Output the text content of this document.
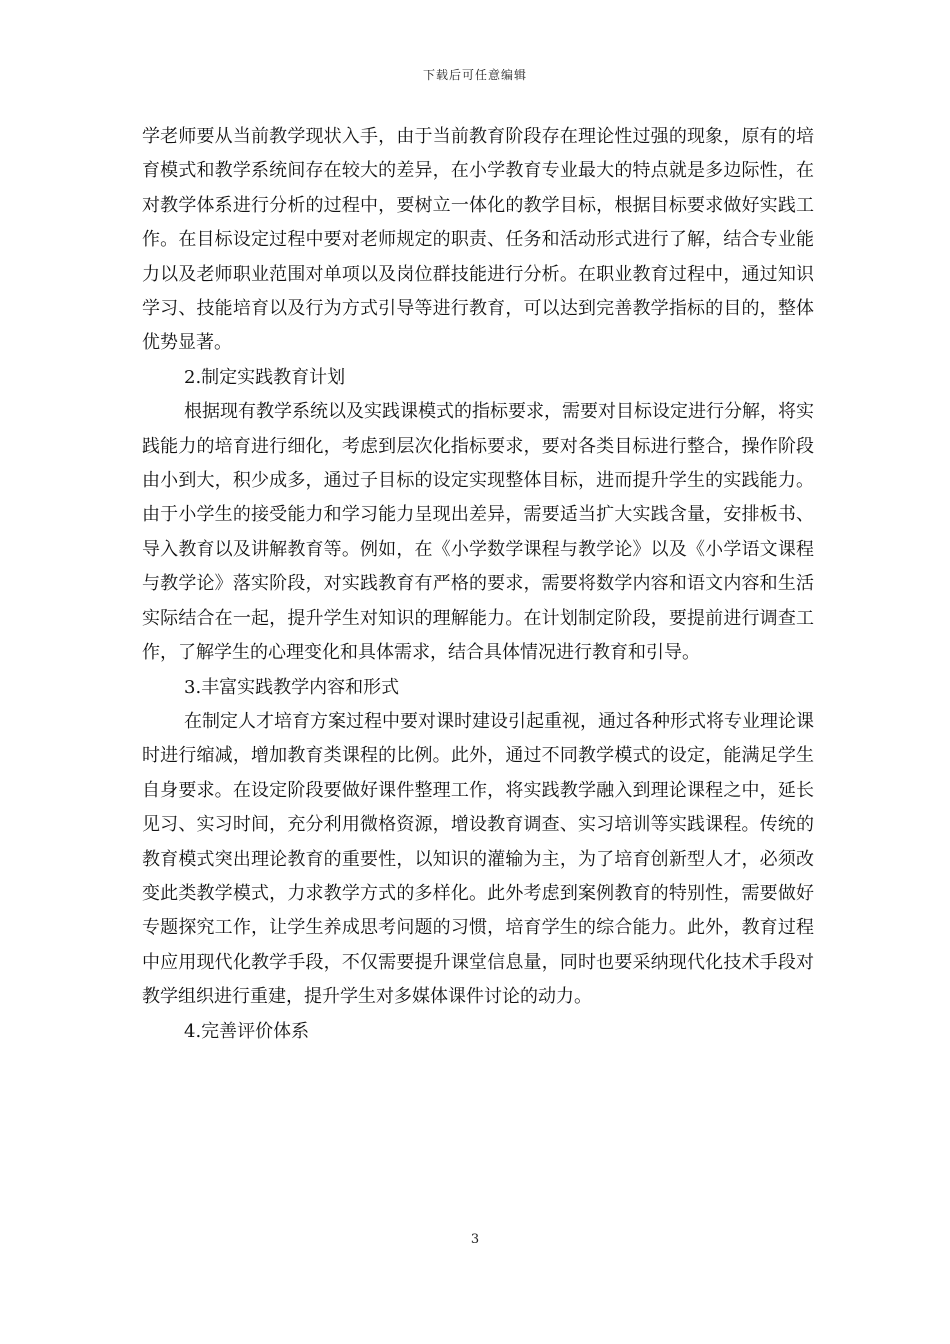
下载后可任意编辑

学老师要从当前教学现状入手，由于当前教育阶段存在理论性过强的现象，原有的培育模式和教学系统间存在较大的差异，在小学教育专业最大的特点就是多边际性，在对教学体系进行分析的过程中，要树立一体化的教学目标，根据目标要求做好实践工作。在目标设定过程中要对老师规定的职责、任务和活动形式进行了解，结合专业能力以及老师职业范围对单项以及岗位群技能进行分析。在职业教育过程中，通过知识学习、技能培育以及行为方式引导等进行教育，可以达到完善教学指标的目的，整体优势显著。

2.制定实践教育计划

根据现有教学系统以及实践课模式的指标要求，需要对目标设定进行分解，将实践能力的培育进行细化，考虑到层次化指标要求，要对各类目标进行整合，操作阶段由小到大，积少成多，通过子目标的设定实现整体目标，进而提升学生的实践能力。由于小学生的接受能力和学习能力呈现出差异，需要适当扩大实践含量，安排板书、导入教育以及讲解教育等。例如，在《小学数学课程与教学论》以及《小学语文课程与教学论》落实阶段，对实践教育有严格的要求，需要将数学内容和语文内容和生活实际结合在一起，提升学生对知识的理解能力。在计划制定阶段，要提前进行调查工作，了解学生的心理变化和具体需求，结合具体情况进行教育和引导。

3.丰富实践教学内容和形式

在制定人才培育方案过程中要对课时建设引起重视，通过各种形式将专业理论课时进行缩减，增加教育类课程的比例。此外，通过不同教学模式的设定，能满足学生自身要求。在设定阶段要做好课件整理工作，将实践教学融入到理论课程之中，延长见习、实习时间，充分利用微格资源，增设教育调查、实习培训等实践课程。传统的教育模式突出理论教育的重要性，以知识的灌输为主，为了培育创新型人才，必须改变此类教学模式，力求教学方式的多样化。此外考虑到案例教育的特别性，需要做好专题探究工作，让学生养成思考问题的习惯，培育学生的综合能力。此外，教育过程中应用现代化教学手段，不仅需要提升课堂信息量，同时也要采纳现代化技术手段对教学组织进行重建，提升学生对多媒体课件讨论的动力。

4.完善评价体系

3
